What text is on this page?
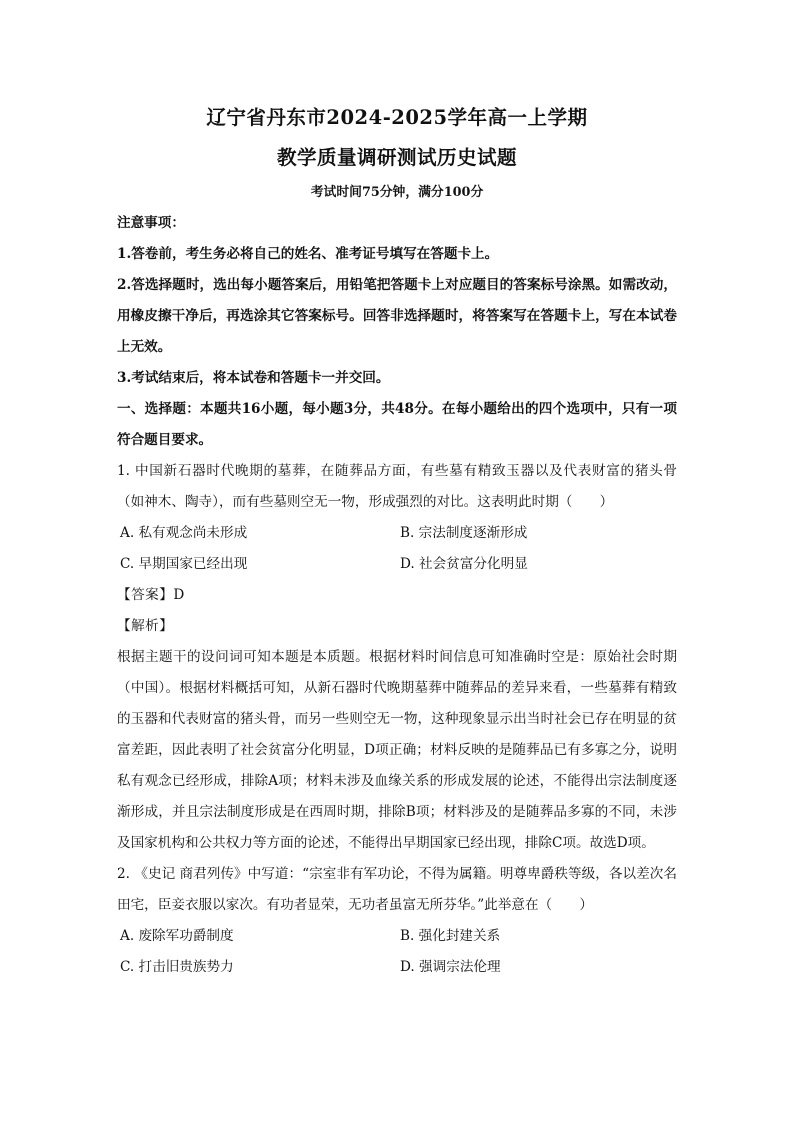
辽宁省丹东市2024-2025学年高一上学期
教学质量调研测试历史试题
考试时间75分钟，满分100分

注意事项：

1.答卷前，考生务必将自己的姓名、准考证号填写在答题卡上。

2.答选择题时，选出每小题答案后，用铅笔把答题卡上对应题目的答案标号涂黑。如需改动，用橡皮擦干净后，再选涂其它答案标号。回答非选择题时，将答案写在答题卡上，写在本试卷上无效。

3.考试结束后，将本试卷和答题卡一并交回。

一、选择题：本题共16小题，每小题3分，共48分。在每小题给出的四个选项中，只有一项符合题目要求。

1. 中国新石器时代晚期的墓葬，在随葬品方面，有些墓有精致玉器以及代表财富的猪头骨（如神木、陶寺），而有些墓则空无一物，形成强烈的对比。这表明此时期（　　）

A. 私有观念尚未形成	B. 宗法制度逐渐形成
C. 早期国家已经出现	D. 社会贫富分化明显

【答案】D

【解析】

根据主题干的设问词可知本题是本质题。根据材料时间信息可知准确时空是：原始社会时期（中国）。根据材料概括可知，从新石器时代晚期墓葬中随葬品的差异来看，一些墓葬有精致的玉器和代表财富的猪头骨，而另一些则空无一物，这种现象显示出当时社会已存在明显的贫富差距，因此表明了社会贫富分化明显，D项正确；材料反映的是随葬品已有多寡之分，说明私有观念已经形成，排除A项；材料未涉及血缘关系的形成发展的论述，不能得出宗法制度逐渐形成，并且宗法制度形成是在西周时期，排除B项；材料涉及的是随葬品多寡的不同，未涉及国家机构和公共权力等方面的论述，不能得出早期国家已经出现，排除C项。故选D项。

2. 《史记 商君列传》中写道：“宗室非有军功论，不得为属籍。明尊卑爵秩等级，各以差次名田宅，臣妾衣服以家次。有功者显荣，无功者虽富无所芬华。”此举意在（　　）

A. 废除军功爵制度	B. 强化封建关系
C. 打击旧贵族势力	D. 强调宗法伦理
